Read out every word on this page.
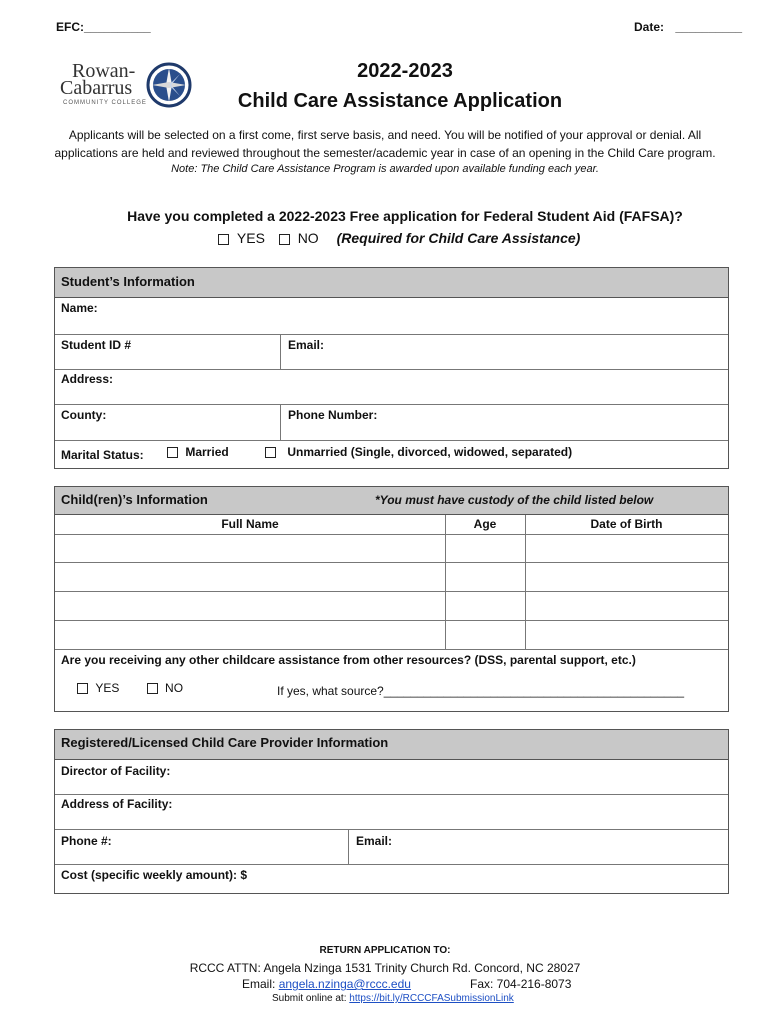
EFC:__________	Date: __________
Rowan-
Cabarrus
COMMUNITY COLLEGE
2022-2023
Child Care Assistance Application
Applicants will be selected on a first come, first serve basis, and need. You will be notified of your approval or denial. All
applications are held and reviewed throughout the semester/academic year in case of an opening in the Child Care program.
Note: The Child Care Assistance Program is awarded upon available funding each year.
Have you completed a 2022-2023 Free application for Federal Student Aid (FAFSA)?
YES NO (Required for Child Care Assistance)
Student’s Information
Name:
Student ID #	Email:
Address:
County:	Phone Number:
Marital Status:	Married	Unmarried (Single, divorced, widowed, separated)
Child(ren)’s Information	*You must have custody of the child listed below
Full Name	Age	Date of Birth
Are you receiving any other childcare assistance from other resources? (DSS, parental support, etc.)
YES	NO	If yes, what source?_____________________________________________
Registered/Licensed Child Care Provider Information
Director of Facility:
Address of Facility:
Phone #:	Email:
Cost (specific weekly amount): $
RETURN APPLICATION TO:
RCCC ATTN: Angela Nzinga 1531 Trinity Church Rd. Concord, NC 28027
Email: angela.nzinga@rccc.edu	Fax: 704-216-8073
Submit online at: https://bit.ly/RCCCFASubmissionLink
